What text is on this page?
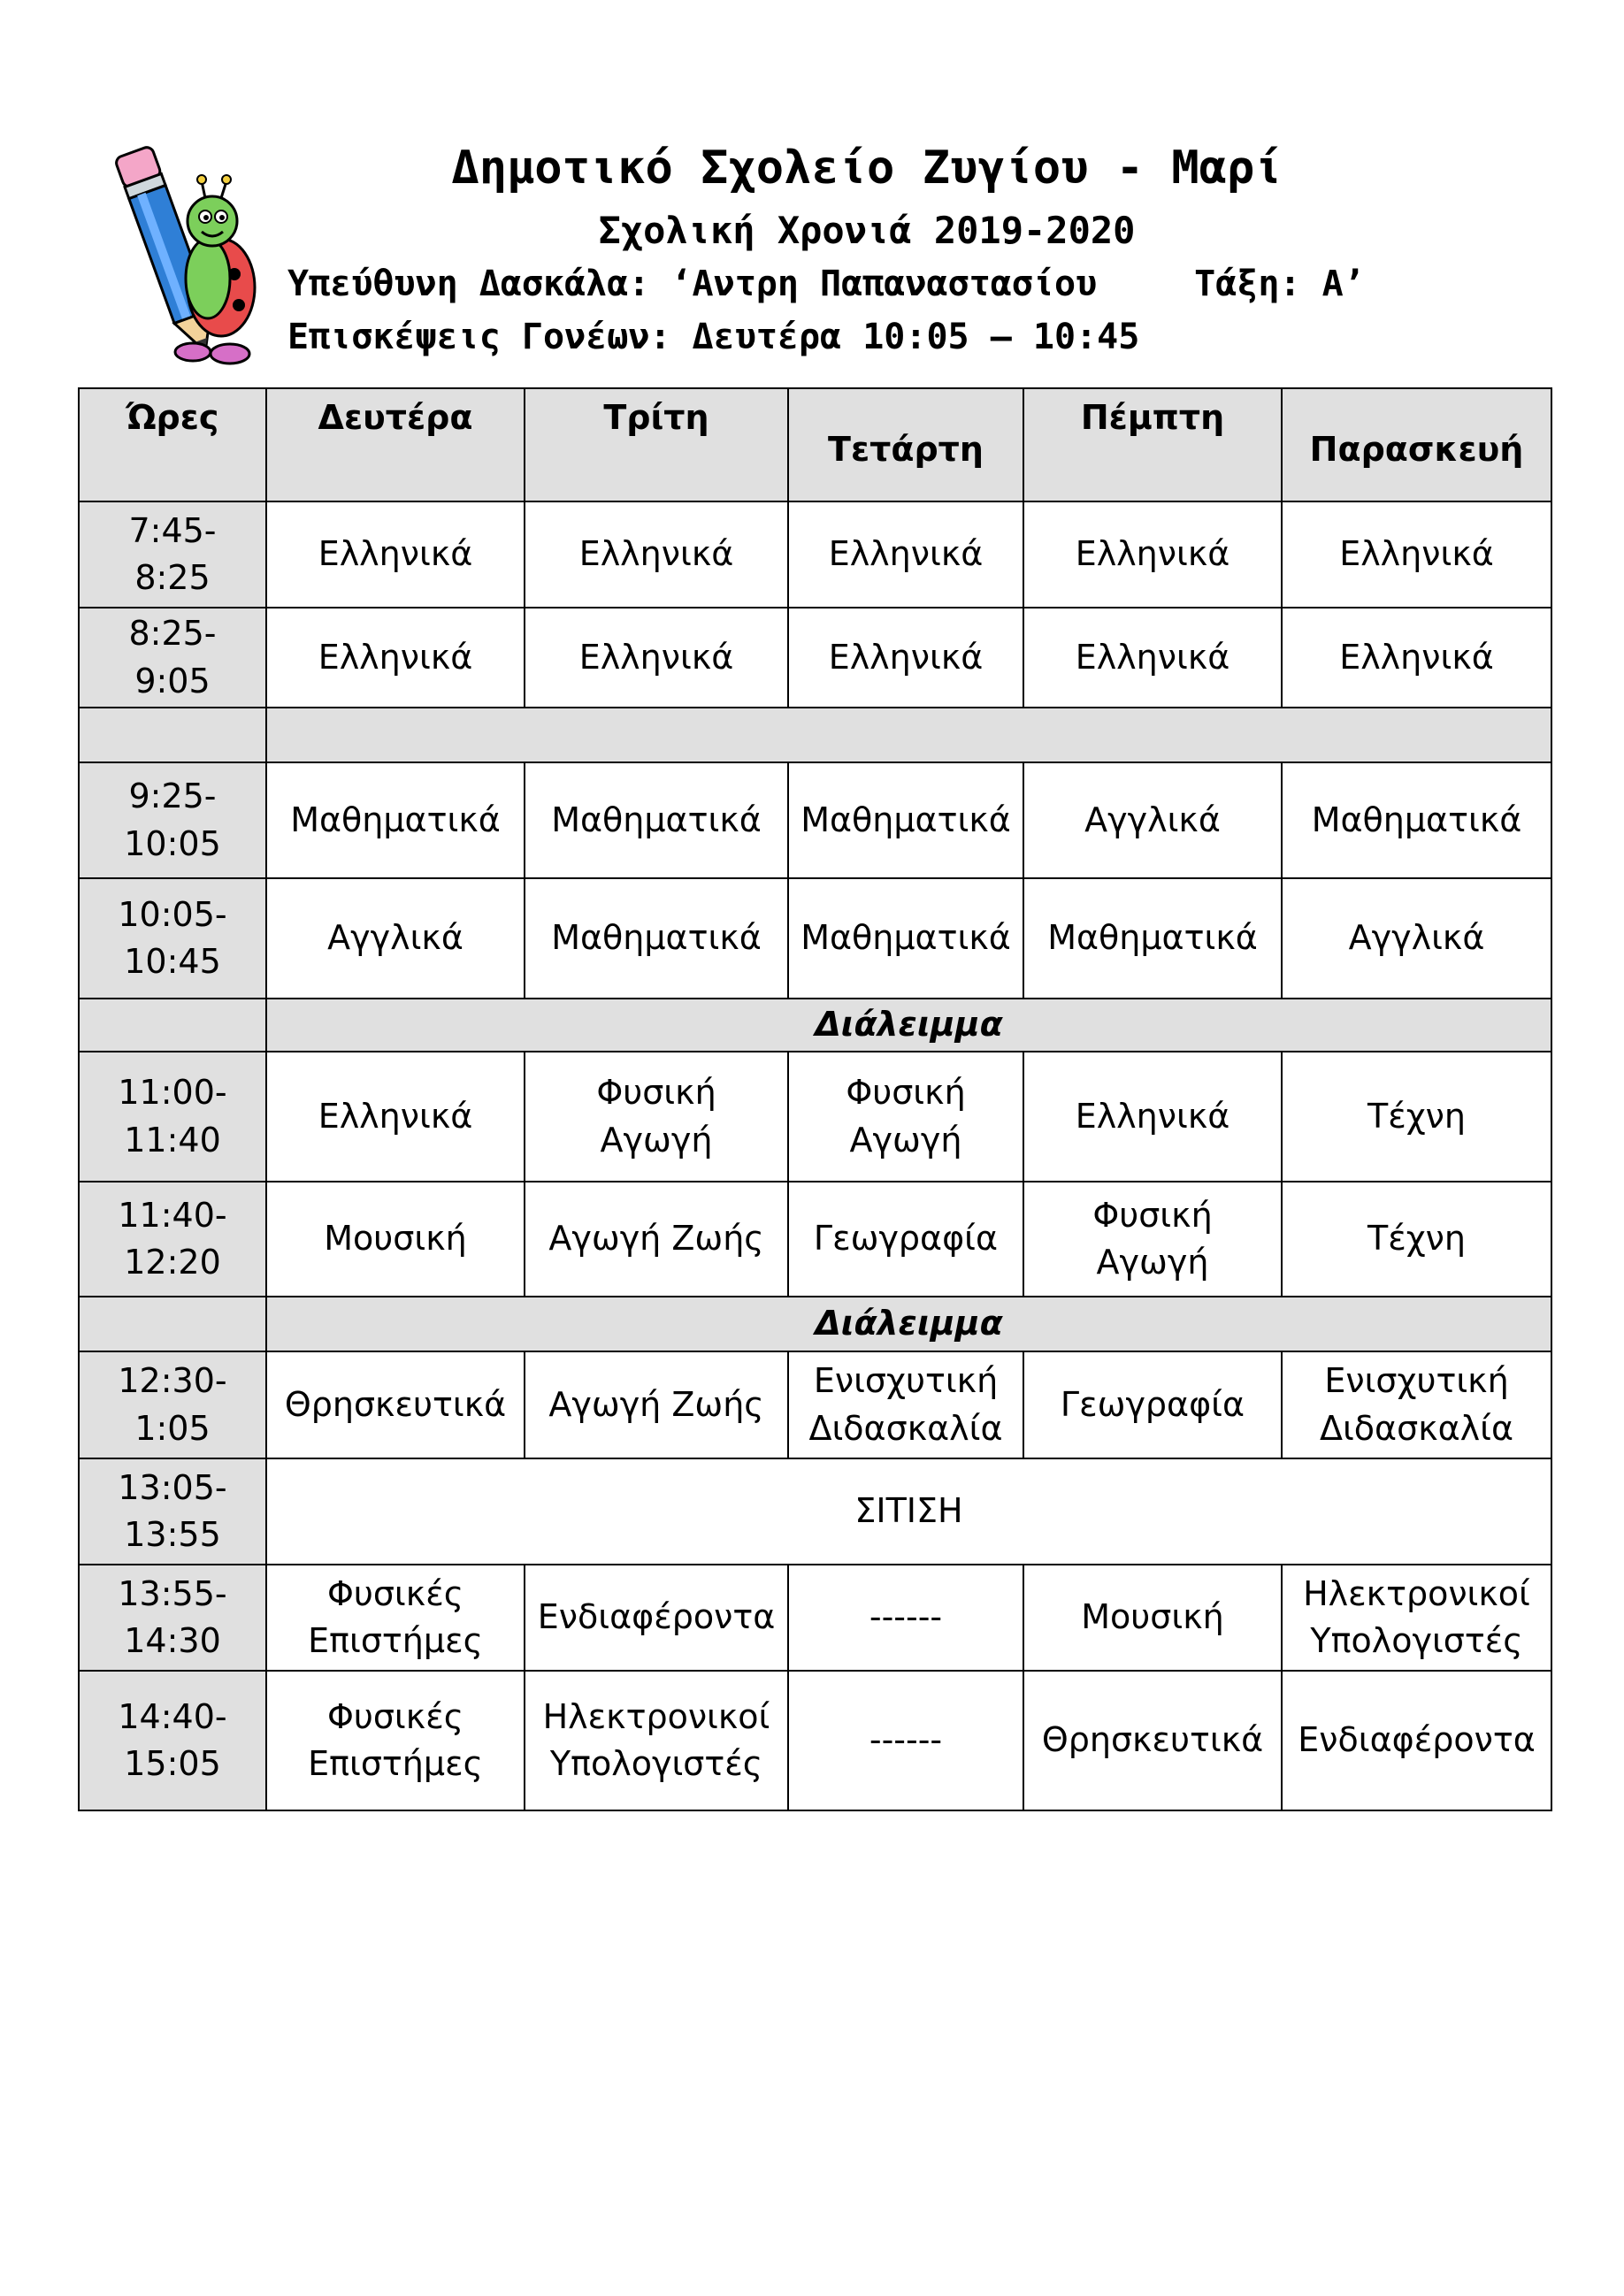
Δημοτικό Σχολείο Ζυγίου - Μαρί
Σχολική Χρονιά 2019-2020
Υπεύθυνη Δασκάλα: ‘Αντρη Παπαναστασίου	Τάξη: Α’
Επισκέψεις Γονέων: Δευτέρα 10:05 – 10:45
Ώρες	Δευτέρα	Τρίτη	Τετάρτη	Πέμπτη	Παρασκευή

7:45-
8:25	Ελληνικά	Ελληνικά	Ελληνικά	Ελληνικά	Ελληνικά

8:25-
9:05	Ελληνικά	Ελληνικά	Ελληνικά	Ελληνικά	Ελληνικά

9:25-
10:05	Μαθηματικά	Μαθηματικά	Μαθηματικά	Αγγλικά	Μαθηματικά

10:05-
10:45	Αγγλικά	Μαθηματικά	Μαθηματικά	Μαθηματικά	Αγγλικά
	Διάλειμμα				

11:00-
11:40	Ελληνικά	Φυσική
Αγωγή	Φυσική
Αγωγή	Ελληνικά	Τέχνη

11:40-
12:20	Μουσική	Αγωγή Ζωής	Γεωγραφία	Φυσική
Αγωγή	Τέχνη

	Διάλειμμα				

12:30-
1:05	Θρησκευτικά	Αγωγή Ζωής	Ενισχυτική
Διδασκαλία	Γεωγραφία	Ενισχυτική
Διδασκαλία

13:05-
13:55	ΣΙΤΙΣΗ				

13:55-
14:30	Φυσικές
Επιστήμες	Ενδιαφέροντα	------	Μουσική	Ηλεκτρονικοί
Υπολογιστές

14:40-
15:05	Φυσικές
Επιστήμες	Ηλεκτρονικοί
Υπολογιστές	------	Θρησκευτικά	Ενδιαφέροντα
